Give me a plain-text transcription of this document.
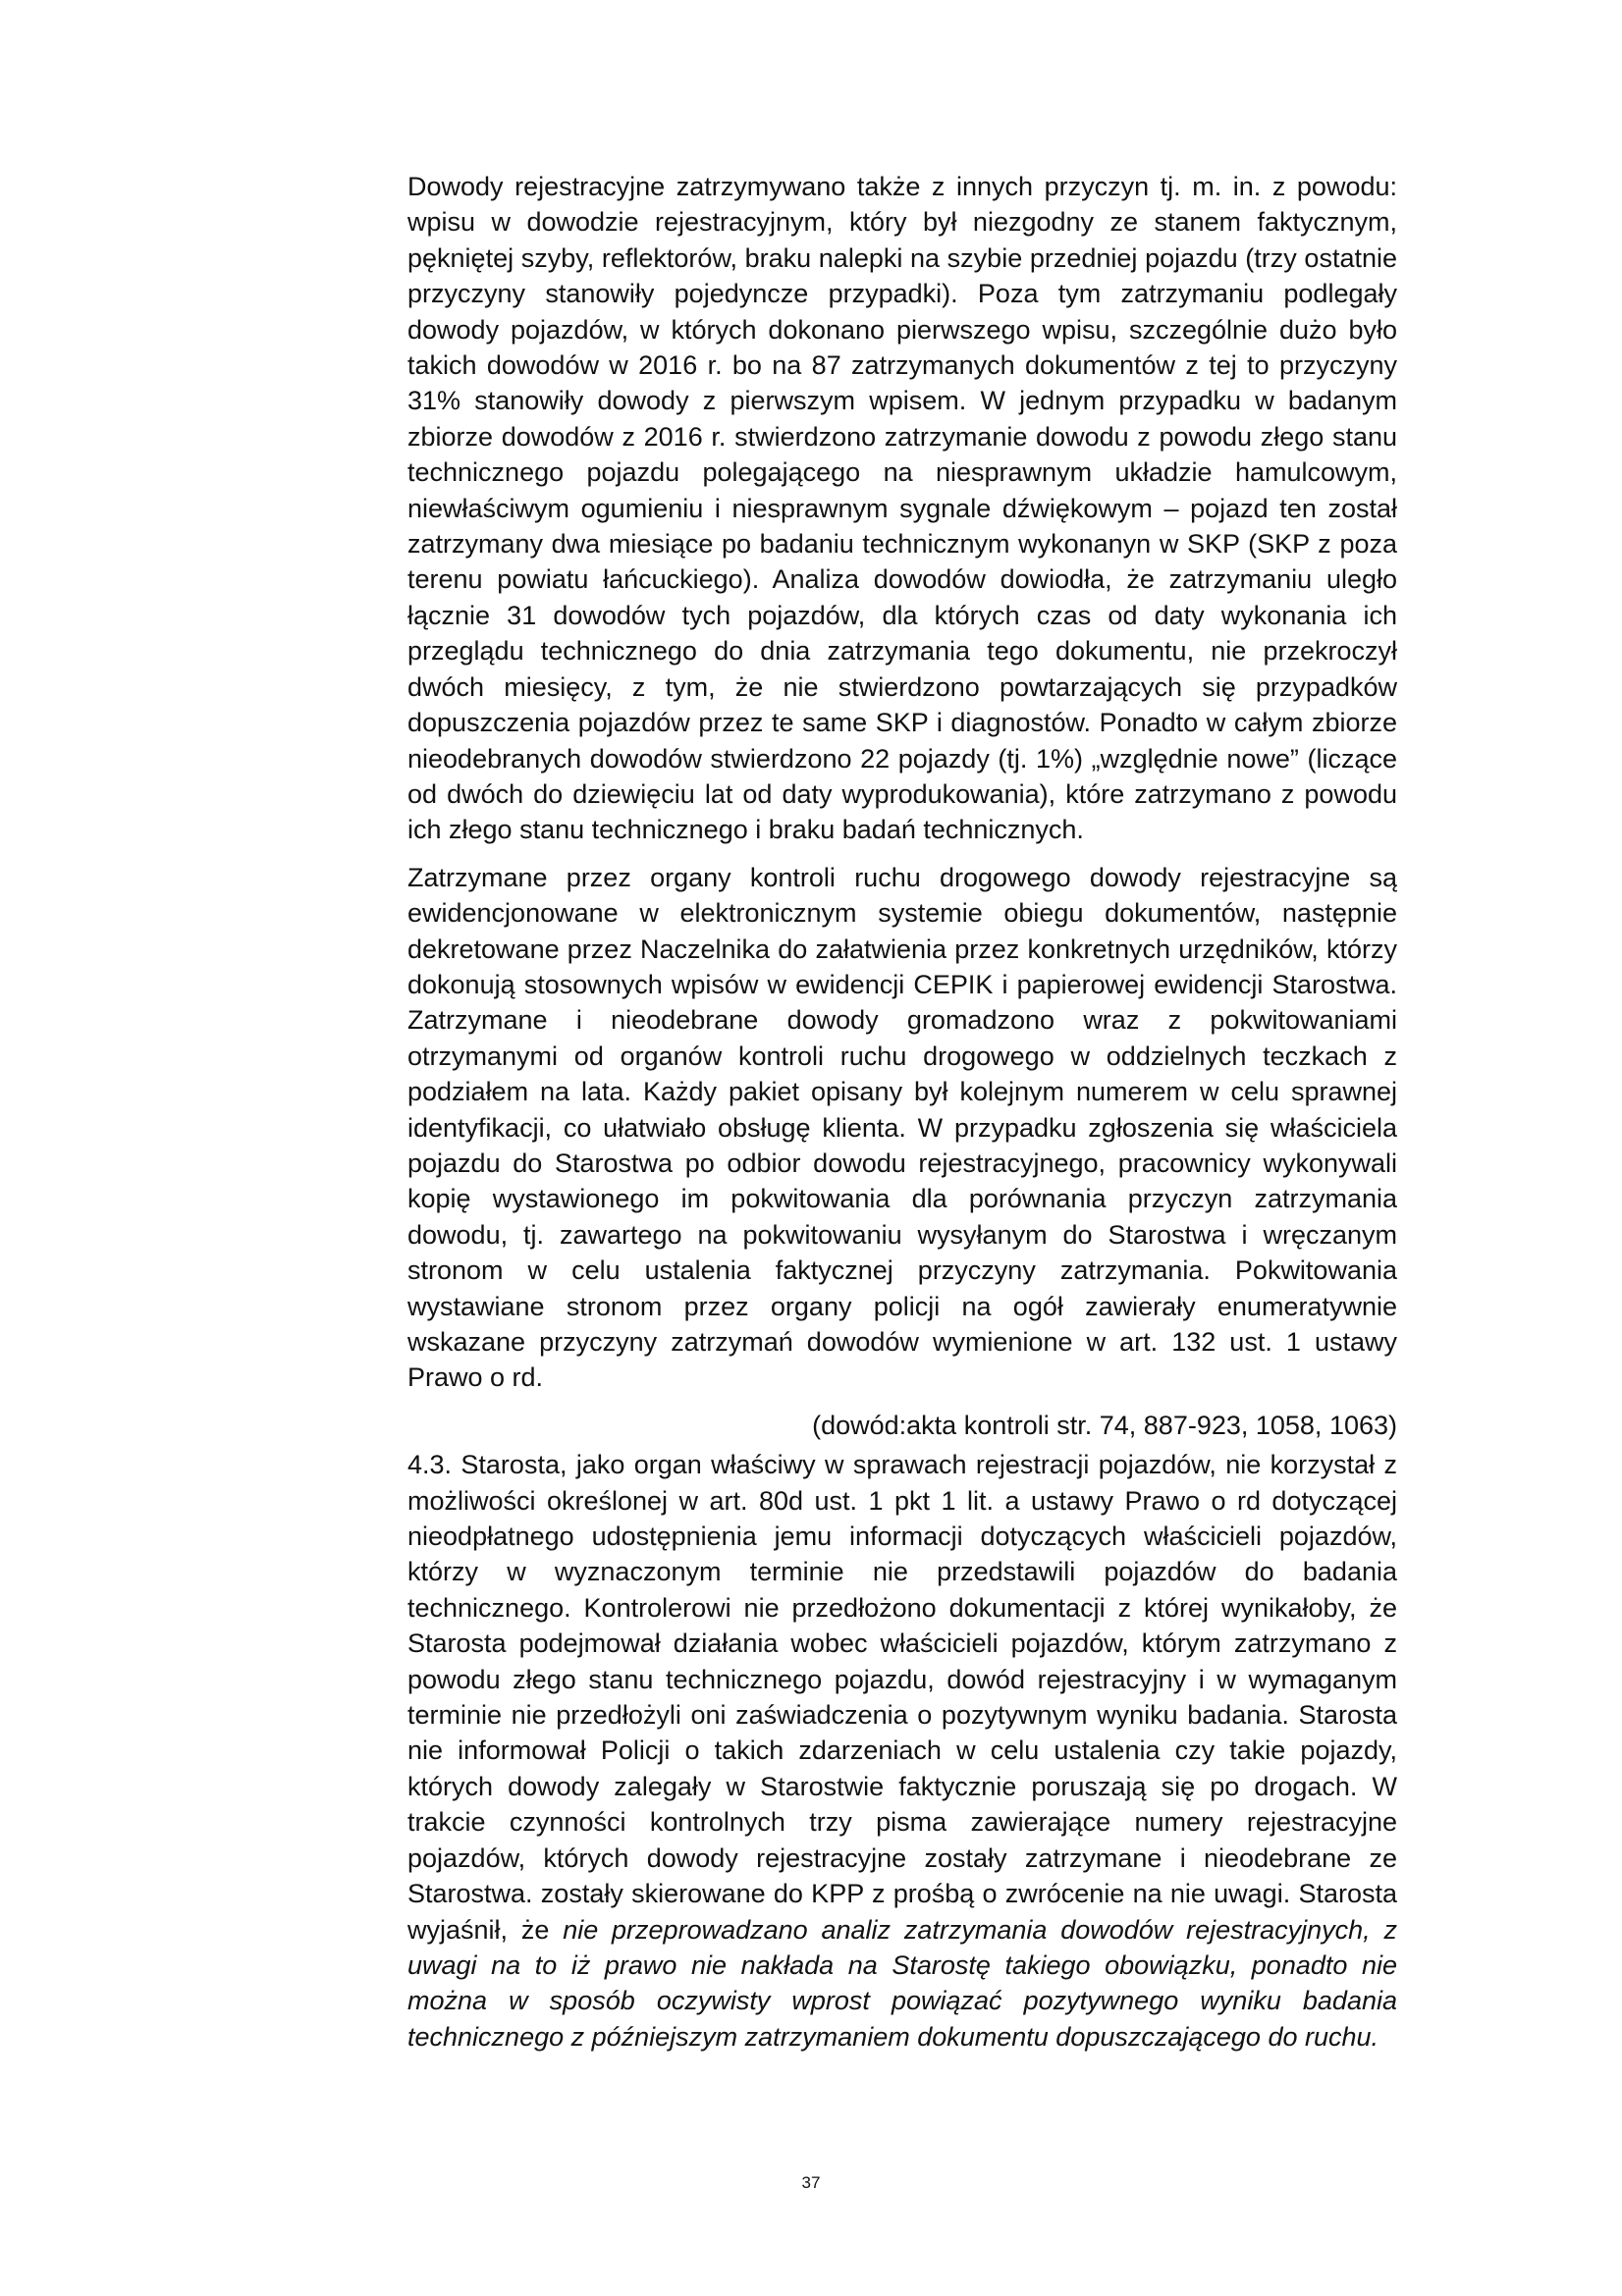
Dowody rejestracyjne zatrzymywano także z innych przyczyn tj. m. in. z powodu: wpisu w dowodzie rejestracyjnym, który był niezgodny ze stanem faktycznym, pękniętej szyby, reflektorów, braku nalepki na szybie przedniej pojazdu (trzy ostatnie przyczyny stanowiły pojedyncze przypadki). Poza tym zatrzymaniu podlegały dowody pojazdów, w których dokonano pierwszego wpisu, szczególnie dużo było takich dowodów w 2016 r. bo na 87 zatrzymanych dokumentów z tej to przyczyny 31% stanowiły dowody z pierwszym wpisem. W jednym przypadku w badanym zbiorze dowodów z 2016 r. stwierdzono zatrzymanie dowodu z powodu złego stanu technicznego pojazdu polegającego na niesprawnym układzie hamulcowym, niewłaściwym ogumieniu i niesprawnym sygnale dźwiękowym – pojazd ten został zatrzymany dwa miesiące po badaniu technicznym wykonanyn w SKP (SKP z poza terenu powiatu łańcuckiego). Analiza dowodów dowiodła, że zatrzymaniu uległo łącznie 31 dowodów tych pojazdów, dla których czas od daty wykonania ich przeglądu technicznego do dnia zatrzymania tego dokumentu, nie przekroczył dwóch miesięcy, z tym, że nie stwierdzono powtarzających się przypadków dopuszczenia pojazdów przez te same SKP i diagnostów. Ponadto w całym zbiorze nieodebranych dowodów stwierdzono 22 pojazdy (tj. 1%) „względnie nowe” (liczące od dwóch do dziewięciu lat od daty wyprodukowania), które zatrzymano z powodu ich złego stanu technicznego i braku badań technicznych.

Zatrzymane przez organy kontroli ruchu drogowego dowody rejestracyjne są ewidencjonowane w elektronicznym systemie obiegu dokumentów, następnie dekretowane przez Naczelnika do załatwienia przez konkretnych urzędników, którzy dokonują stosownych wpisów w ewidencji CEPIK i papierowej ewidencji Starostwa. Zatrzymane i nieodebrane dowody gromadzono wraz z pokwitowaniami otrzymanymi od organów kontroli ruchu drogowego w oddzielnych teczkach z podziałem na lata. Każdy pakiet opisany był kolejnym numerem w celu sprawnej identyfikacji, co ułatwiało obsługę klienta. W przypadku zgłoszenia się właściciela pojazdu do Starostwa po odbior dowodu rejestracyjnego, pracownicy wykonywali kopię wystawionego im pokwitowania dla porównania przyczyn zatrzymania dowodu, tj. zawartego na pokwitowaniu wysyłanym do Starostwa i wręczanym stronom w celu ustalenia faktycznej przyczyny zatrzymania. Pokwitowania wystawiane stronom przez organy policji na ogół zawierały enumeratywnie wskazane przyczyny zatrzymań dowodów wymienione w art. 132 ust. 1 ustawy Prawo o rd.

(dowód:akta kontroli str. 74, 887-923, 1058, 1063)

4.3. Starosta, jako organ właściwy w sprawach rejestracji pojazdów, nie korzystał z możliwości określonej w art. 80d ust. 1 pkt 1 lit. a ustawy Prawo o rd dotyczącej nieodpłatnego udostępnienia jemu informacji dotyczących właścicieli pojazdów, którzy w wyznaczonym terminie nie przedstawili pojazdów do badania technicznego. Kontrolerowi nie przedłożono dokumentacji z której wynikałoby, że Starosta podejmował działania wobec właścicieli pojazdów, którym zatrzymano z powodu złego stanu technicznego pojazdu, dowód rejestracyjny i w wymaganym terminie nie przedłożyli oni zaświadczenia o pozytywnym wyniku badania. Starosta nie informował Policji o takich zdarzeniach w celu ustalenia czy takie pojazdy, których dowody zalegały w Starostwie faktycznie poruszają się po drogach. W trakcie czynności kontrolnych trzy pisma zawierające numery rejestracyjne pojazdów, których dowody rejestracyjne zostały zatrzymane i nieodebrane ze Starostwa. zostały skierowane do KPP z prośbą o zwrócenie na nie uwagi. Starosta wyjaśnił, że nie przeprowadzano analiz zatrzymania dowodów rejestracyjnych, z uwagi na to iż prawo nie nakłada na Starostę takiego obowiązku, ponadto nie można w sposób oczywisty wprost powiązać pozytywnego wyniku badania technicznego z późniejszym zatrzymaniem dokumentu dopuszczającego do ruchu.

37
